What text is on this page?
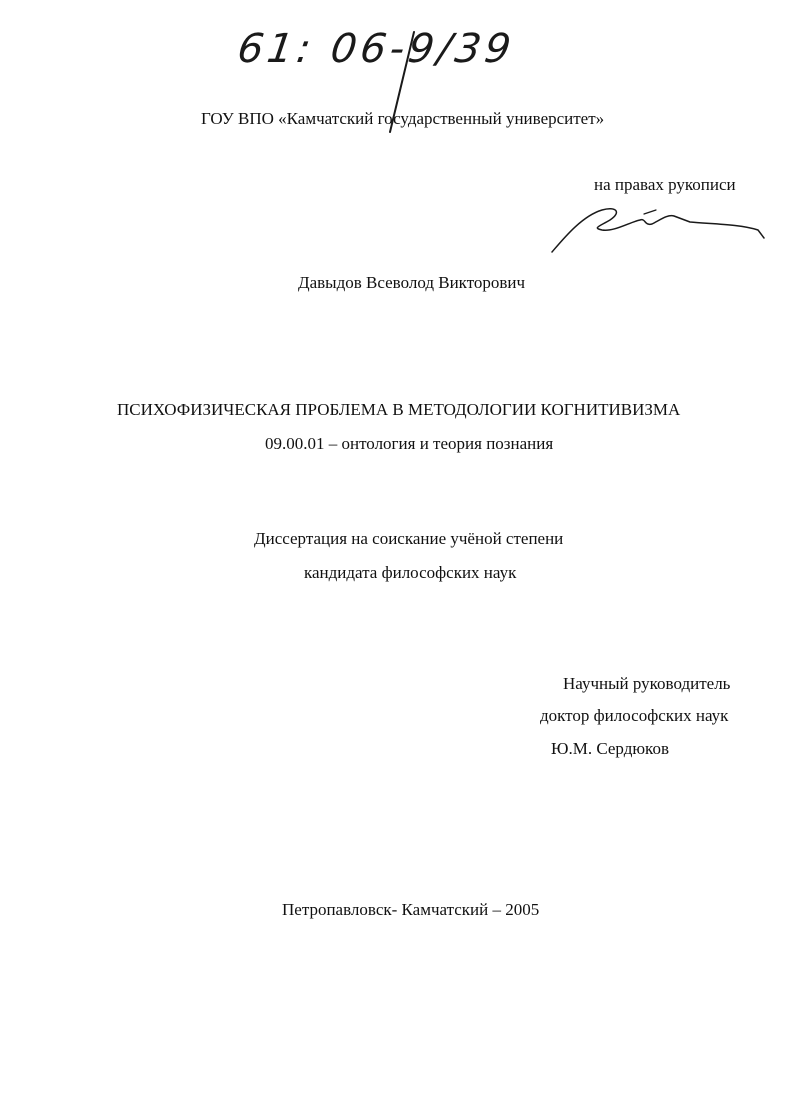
61: 06-9/39
ГОУ ВПО «Камчатский государственный университет»
на правах рукописи
Давыдов Всеволод Викторович
ПСИХОФИЗИЧЕСКАЯ ПРОБЛЕМА В МЕТОДОЛОГИИ КОГНИТИВИЗМА
09.00.01 – онтология и теория познания
Диссертация на соискание учёной степени
кандидата философских наук
Научный руководитель
доктор философских наук
Ю.М. Сердюков
Петропавловск- Камчатский – 2005
